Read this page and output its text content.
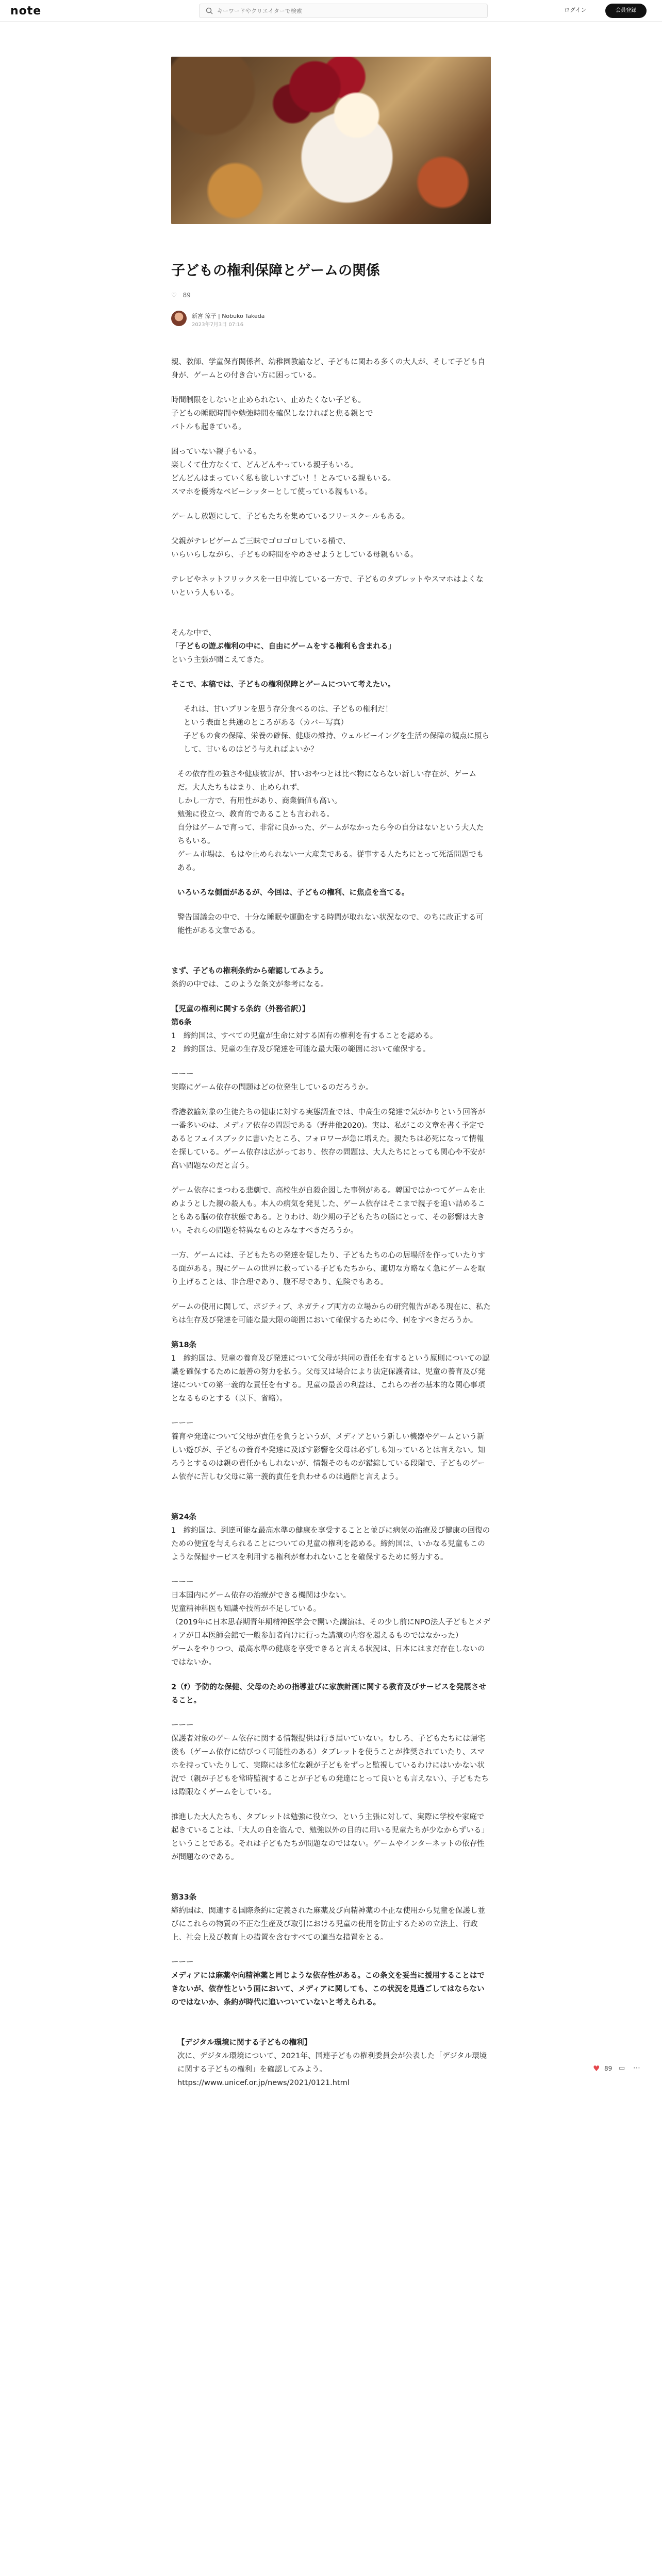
note
キーワードやクリエイターで検索	ログイン	会員登録
子どもの権利保障とゲームの関係
♡ 89
新宮 涼子 | Nobuko Takeda
2023年7月3日 07:16
親、教師、学童保育関係者、幼稚園教諭など、子どもに関わる多くの大人が、そして子ども自身が、ゲームとの付き合い方に困っている。
時間制限をしないと止められない、止めたくない子ども。
子どもの睡眠時間や勉強時間を確保しなければと焦る親とで
バトルも起きている。
困っていない親子もいる。
楽しくて仕方なくて、どんどんやっている親子もいる。
どんどんはまっていく私も欲しいすごい！！とみている親もいる。
スマホを優秀なベビーシッターとして使っている親もいる。
ゲームし放題にして、子どもたちを集めているフリースクールもある。
父親がテレビゲームご三昧でゴロゴロしている横で、
いらいらしながら、子どもの時間をやめさせようとしている母親もいる。
テレビやネットフリックスを一日中流している一方で、子どものタブレットやスマホはよくないという人もいる。
そんな中で、
「子どもの遊ぶ権利の中に、自由にゲームをする権利も含まれる」
という主張が聞こえてきた。
そこで、本稿では、子どもの権利保障とゲームについて考えたい。
それは、甘いプリンを思う存分食べるのは、子どもの権利だ！
という表面と共通のところがある（カバー写真）
子どもの食の保障、栄養の確保、健康の維持、ウェルビーイングを生活の保障の観点に照らして、甘いものはどう与えればよいか？
その依存性の強さや健康被害が、甘いおやつとは比べ物にならない新しい存在が、ゲームだ。大人たちもはまり、止められず、
しかし一方で、有用性があり、商業価値も高い。
勉強に役立つ、教育的であることも言われる。
自分はゲームで育って、非常に良かった、ゲームがなかったら今の自分はないという大人たちもいる。
ゲーム市場は、もはや止められない一大産業である。従事する人たちにとって死活問題でもある。
いろいろな側面があるが、今回は、子どもの権利、に焦点を当てる。
警告国議会の中で、十分な睡眠や運動をする時間が取れない状況なので、のちに改正する可能性がある文章である。
まず、子どもの権利条約から確認してみよう。
条約の中では、このような条文が参考になる。
【児童の権利に関する条約（外務省訳）】
第6条
1　締約国は、すべての児童が生命に対する固有の権利を有することを認める。
2　締約国は、児童の生存及び発達を可能な最大限の範囲において確保する。
ーーー
実際にゲーム依存の問題はどの位発生しているのだろうか。
香港教諭対象の生徒たちの健康に対する実態調査では、中高生の発達で気がかりという回答が一番多いのは、メディア依存の問題である（野井他2020)。実は、私がこの文章を書く予定であるとフェイスブックに書いたところ、フォロワーが急に増えた。親たちは必死になって情報を探している。ゲーム依存は広がっており、依存の問題は、大人たちにとっても関心や不安が高い問題なのだと言う。
ゲーム依存にまつわる悲劇で、高校生が自殺企図した事例がある。韓国ではかつてゲームを止めようとした親の殺人も。本人の病気を発見した、ゲーム依存はそこまで親子を追い詰めることもある脳の依存状態である。とりわけ、幼少期の子どもたちの脳にとって、その影響は大きい。それらの問題を特異なものとみなすべきだろうか。
一方、ゲームには、子どもたちの発達を促したり、子どもたちの心の居場所を作っていたりする面がある。現にゲームの世界に救っている子どもたちから、適切な方略なく急にゲームを取り上げることは、非合理であり、腹不尽であり、危険でもある。
ゲームの使用に関して、ポジティブ、ネガティブ両方の立場からの研究報告がある現在に、私たちは生存及び発達を可能な最大限の範囲において確保するために今、何をすべきだろうか。
第18条
1　締約国は、児童の養育及び発達について父母が共同の責任を有するという原則についての認識を確保するために最善の努力を払う。父母又は場合により法定保護者は、児童の養育及び発達についての第一義的な責任を有する。児童の最善の利益は、これらの者の基本的な関心事項となるものとする（以下、省略）。
ーーー
養育や発達について父母が責任を負うというが、メディアという新しい機器やゲームという新しい遊びが、子どもの養育や発達に及ぼす影響を父母は必ずしも知っているとは言えない。知ろうとするのは親の責任かもしれないが、情報そのものが錯綜している段階で、子どものゲーム依存に苦しむ父母に第一義的責任を負わせるのは過酷と言えよう。
第24条
1　締約国は、到達可能な最高水準の健康を享受することと並びに病気の治療及び健康の回復のための便宜を与えられることについての児童の権利を認める。締約国は、いかなる児童もこのような保健サービスを利用する権利が奪われないことを確保するために努力する。
ーーー
日本国内にゲーム依存の治療ができる機関は少ない。
児童精神科医も知識や技術が不足している。
（2019年に日本思春期青年期精神医学会で開いた講演は、その少し前にNPO法人子どもとメディアが日本医師会館で一般参加者向けに行った講演の内容を超えるものではなかった）
ゲームをやりつつ、最高水準の健康を享受できると言える状況は、日本にはまだ存在しないのではないか。
2（f）予防的な保健、父母のための指導並びに家族計画に関する教育及びサービスを発展させること。
ーーー
保護者対象のゲーム依存に関する情報提供は行き届いていない。むしろ、子どもたちには帰宅後も（ゲーム依存に結びつく可能性のある）タブレットを使うことが推奨されていたり、スマホを持っていたりして、実際には多忙な親が子どもをずっと監視しているわけにはいかない状況で（親が子どもを常時監視することが子どもの発達にとって良いとも言えない）、子どもたちは際限なくゲームをしている。
推進した大人たちも、タブレットは勉強に役立つ、という主張に対して、実際に学校や家庭で起きていることは、「大人の自を盗んで、勉強以外の目的に用いる児童たちが少なからずいる」ということである。それは子どもたちが問題なのではない。ゲームやインターネットの依存性が問題なのである。
第33条
締約国は、関連する国際条約に定義された麻薬及び向精神薬の不正な使用から児童を保護し並びにこれらの物質の不正な生産及び取引における児童の使用を防止するための立法上、行政上、社会上及び教育上の措置を含むすべての適当な措置をとる。
ーーー
メディアには麻薬や向精神薬と同じような依存性がある。この条文を妥当に援用することはできないが、依存性という面において、メディアに関しても、この状況を見過ごしてはならないのではないか、条約が時代に追いついていないと考えられる。
【デジタル環境に関する子どもの権利】
次に、デジタル環境について、2021年、国連子どもの権利委員会が公表した「デジタル環境に関する子どもの権利」を確認してみよう。
https://www.unicef.or.jp/news/2021/0121.html
♥ 89 ▭ ⋯
